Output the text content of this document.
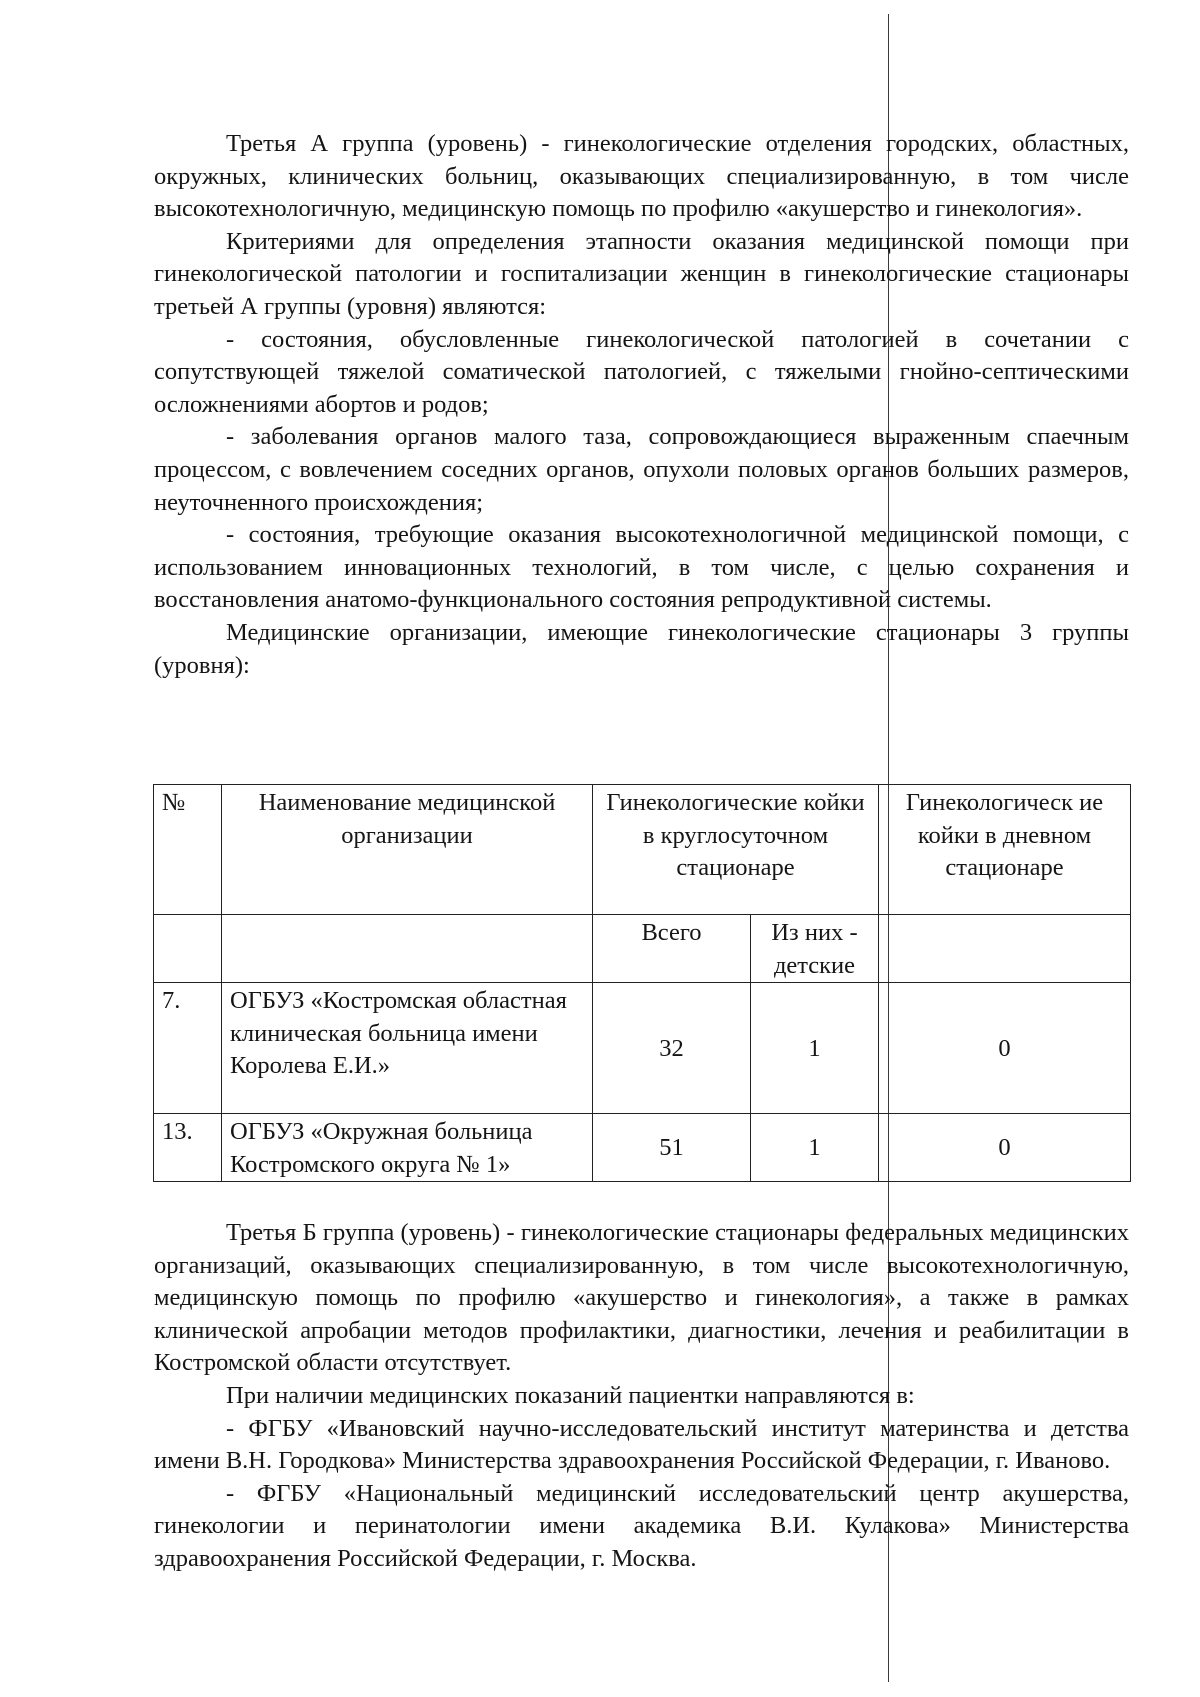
Третья А группа (уровень) - гинекологические отделения городских, областных, окружных, клинических больниц, оказывающих специализированную, в том числе высокотехнологичную, медицинскую помощь по профилю «акушерство и гинекология».

Критериями для определения этапности оказания медицинской помощи при гинекологической патологии и госпитализации женщин в гинекологические стационары третьей А группы (уровня) являются:

- состояния, обусловленные гинекологической патологией в сочетании с сопутствующей тяжелой соматической патологией, с тяжелыми гнойно-септическими осложнениями абортов и родов;

- заболевания органов малого таза, сопровождающиеся выраженным спаечным процессом, с вовлечением соседних органов, опухоли половых органов больших размеров, неуточненного происхождения;

- состояния, требующие оказания высокотехнологичной медицинской помощи, с использованием инновационных технологий, в том числе, с целью сохранения и восстановления анатомо-функционального состояния репродуктивной системы.

Медицинские организации, имеющие гинекологические стационары 3 группы (уровня):

№	Наименование медицинской организации	Гинекологические койки в круглосуточном стационаре		Гинекологическ ие койки в дневном стационаре
		Всего	Из них - детские	
7.	ОГБУЗ «Костромская областная клиническая больница имени Королева Е.И.»	32	1	0
13.	ОГБУЗ «Окружная больница Костромского округа № 1»	51	1	0

Третья Б группа (уровень) - гинекологические стационары федеральных медицинских организаций, оказывающих специализированную, в том числе высокотехнологичную, медицинскую помощь по профилю «акушерство и гинекология», а также в рамках клинической апробации методов профилактики, диагностики, лечения и реабилитации в Костромской области отсутствует.

При наличии медицинских показаний пациентки направляются в:

- ФГБУ «Ивановский научно-исследовательский институт материнства и детства имени В.Н. Городкова» Министерства здравоохранения Российской Федерации, г. Иваново.

- ФГБУ «Национальный медицинский исследовательский центр акушерства, гинекологии и перинатологии имени академика В.И. Кулакова» Министерства здравоохранения Российской Федерации, г. Москва.
